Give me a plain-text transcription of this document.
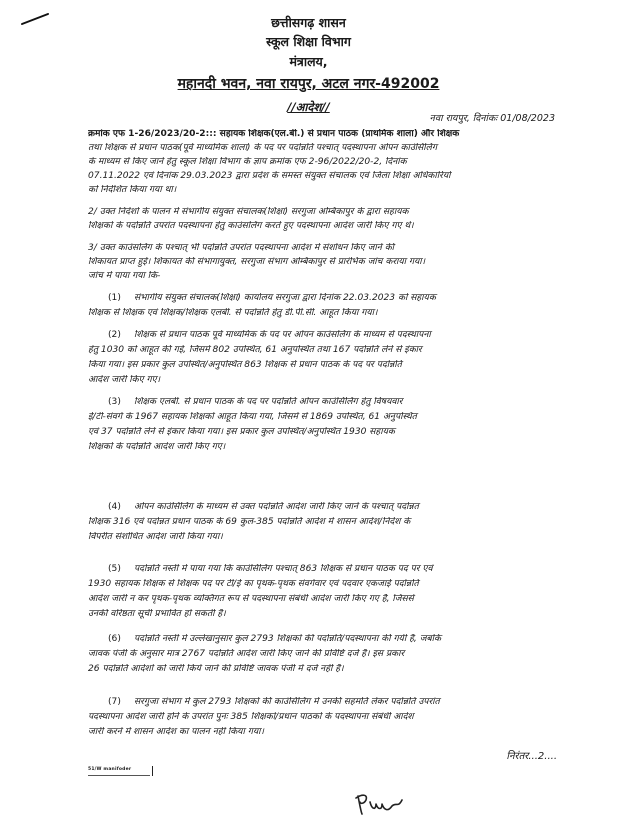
छत्तीसगढ़ शासन
स्कूल शिक्षा विभाग
मंत्रालय,
महानदी भवन, नवा रायपुर, अटल नगर-492002
//आदेश//
नवा रायपुर, दिनांकः 01/08/2023
क्रमांक एफ 1-26/2023/20-2::: सहायक शिक्षक(एल.बी.) से प्रधान पाठक (प्राथमिक शाला) और शिक्षक
तथा शिक्षक से प्रधान पाठक(पूर्व माध्यमिक शाला) के पद पर पदोन्नति पश्चात् पदस्थापना ओपन काउंसिलिंग
के माध्यम से किए जाने हेतु स्कूल शिक्षा विभाग के ज्ञाप क्रमांक एफ 2-96/2022/20-2, दिनांक
07.11.2022 एवं दिनांक 29.03.2023 द्वारा प्रदेश के समस्त संयुक्त संचालक एवं जिला शिक्षा अधिकारियों
को निर्देशित किया गया था।
2/ उक्त निर्देशों के पालन में संभागीय संयुक्त संचालक(शिक्षा) सरगुजा अम्बिकापुर के द्वारा सहायक
शिक्षकों के पदोन्नति उपरांत पदस्थापना हेतु काउंसलिंग करते हुए पदस्थापना आदेश जारी किए गए थे।
3/ उक्त काउंसलिंग के पश्चात् भी पदोन्नति उपरांत पदस्थापना आदेश में संशोधन किए जाने की
शिकायत प्राप्त हुई। शिकायत की संभागायुक्त, सरगुजा संभाग अम्बिकापुर से प्रारंभिक जांच कराया गया।
जांच में पाया गया कि-
(1) संभागीय संयुक्त संचालक(शिक्षा) कार्यालय सरगुजा द्वारा दिनांक 22.03.2023 को सहायक
शिक्षक से शिक्षक एवं शिक्षक/शिक्षक एलबी. से पदोन्नति हेतु डी.पी.सी. आहूत किया गया।
(2) शिक्षक से प्रधान पाठक पूर्व माध्यमिक के पद पर ओपन काउंसलिंग के माध्यम से पदस्थापना
हेतु 1030 को आहूत की गई, जिसमें 802 उपस्थित, 61 अनुपस्थित तथा 167 पदोन्नति लेने से इंकार
किया गया। इस प्रकार कुल उपस्थित/अनुपस्थित 863 शिक्षक से प्रधान पाठक के पद पर पदोन्नति
आदेश जारी किए गए।
(3) शिक्षक एलबी. से प्रधान पाठक के पद पर पदोन्नति ओपन काउंसिलिंग हेतु विषयवार
ई/टी-संवर्ग के 1967 सहायक शिक्षकों आहूत किया गया, जिसमें से 1869 उपस्थित, 61 अनुपस्थित
एवं 37 पदोन्नति लेने से इंकार किया गया। इस प्रकार कुल उपस्थित/अनुपस्थित 1930 सहायक
शिक्षकों के पदोन्नति आदेश जारी किए गए।
(4) ओपन काउंसिलिंग के माध्यम से उक्त पदोन्नति आदेश जारी किए जाने के पश्चात् पदोन्नत
शिक्षक 316 एवं पदोन्नत प्रधान पाठक के 69 कुल-385 पदोन्नति आदेश में शासन आदेश/निर्देश के
विपरीत संशोधित आदेश जारी किया गया।
(5) पदोन्नति नस्ती में पाया गया कि काउंसिलिंग पश्चात् 863 शिक्षक से प्रधान पाठक पद पर एवं
1930 सहायक शिक्षक से शिक्षक पद पर टी/ई का पृथक-पृथक संवर्गवार एवं पदवार एकजाई पदोन्नति
आदेश जारी न कर पृथक-पृथक व्यक्तिगत रूप से पदस्थापना संबंधी आदेश जारी किए गए हैं, जिससे
उनकी वरिष्ठता सूची प्रभावित हो सकती है।
(6) पदोन्नति नस्ती में उल्लेखानुसार कुल 2793 शिक्षकों की पदोन्नति/पदस्थापना की गयी है, जबकि
जावक पंजी के अनुसार मात्र 2767 पदोन्नति आदेश जारी किए जाने की प्रविष्टि दर्ज है। इस प्रकार
26 पदोन्नति आदेशों को जारी किये जाने की प्रविष्टि जावक पंजी में दर्ज नहीं है।
(7) सरगुजा संभाग में कुल 2793 शिक्षकों की काउंसिलिंग में उनकी सहमति लेकर पदोन्नति उपरांत
पदस्थापना आदेश जारी होने के उपरांत पुनः 385 शिक्षकों/प्रधान पाठकों के पदस्थापना संबंधी आदेश
जारी करने में शासन आदेश का पालन नहीं किया गया।
निरंतर...2....
51/W manifoder
